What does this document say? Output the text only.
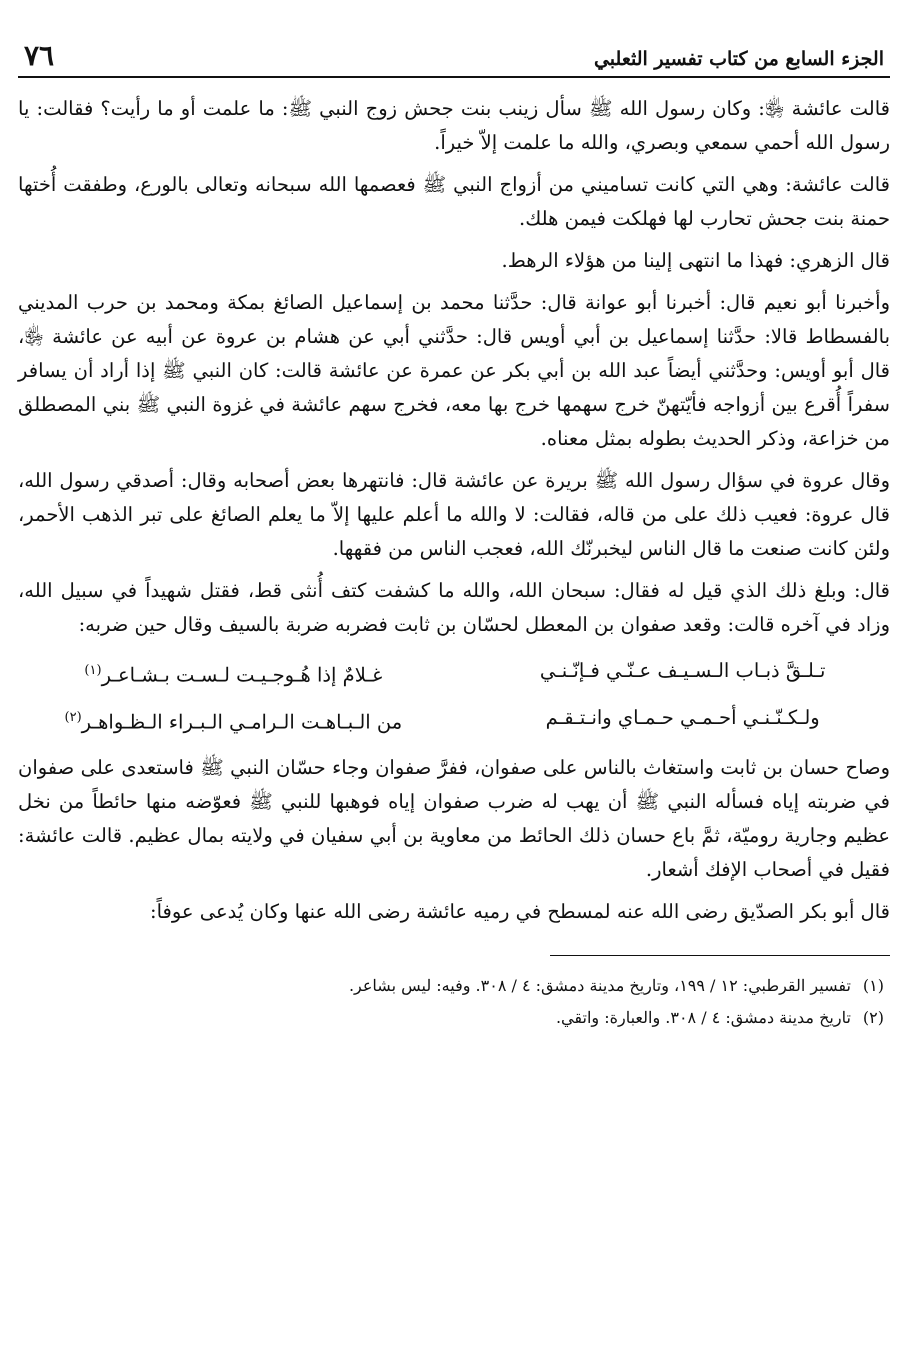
الجزء السابع من كتاب تفسير الثعلبي
٧٦

قالت عائشة ﵂: وكان رسول الله ﷺ سأل زينب بنت جحش زوج النبي ﷺ: ما علمت أو ما رأيت؟ فقالت: يا رسول الله أحمي سمعي وبصري، والله ما علمت إلاّ خيراً.

قالت عائشة: وهي التي كانت تساميني من أزواج النبي ﷺ فعصمها الله سبحانه وتعالى بالورع، وطفقت أُختها حمنة بنت جحش تحارب لها فهلكت فيمن هلك.

قال الزهري: فهذا ما انتهى إلينا من هؤلاء الرهط.

وأخبرنا أبو نعيم قال: أخبرنا أبو عوانة قال: حدَّثنا محمد بن إسماعيل الصائغ بمكة ومحمد بن حرب المديني بالفسطاط قالا: حدَّثنا إسماعيل بن أبي أويس قال: حدَّثني أبي عن هشام بن عروة عن أبيه عن عائشة ﵂، قال أبو أويس: وحدَّثني أيضاً عبد الله بن أبي بكر عن عمرة عن عائشة قالت: كان النبي ﷺ إذا أراد أن يسافر سفراً أُقرع بين أزواجه فأيّتهنّ خرج سهمها خرج بها معه، فخرج سهم عائشة في غزوة النبي ﷺ بني المصطلق من خزاعة، وذكر الحديث بطوله بمثل معناه.

وقال عروة في سؤال رسول الله ﷺ بريرة عن عائشة قال: فانتهرها بعض أصحابه وقال: أصدقي رسول الله، قال عروة: فعيب ذلك على من قاله، فقالت: لا والله ما أعلم عليها إلاّ ما يعلم الصائغ على تبر الذهب الأحمر، ولئن كانت صنعت ما قال الناس ليخبرنّك الله، فعجب الناس من فقهها.

قال: وبلغ ذلك الذي قيل له فقال: سبحان الله، والله ما كشفت كتف أُنثى قط، فقتل شهيداً في سبيل الله، وزاد في آخره قالت: وقعد صفوان بن المعطل لحسّان بن ثابت فضربه ضربة بالسيف وقال حين ضربه:

تـلـقَّ ذبـاب الـسـيـف عـنّـي فـإنّـنـي
غـلامٌ إذا هُـوجـيـت لـسـت بـشـاعـر$^{(١)}$
ولـكـنّـنـي أحـمـي حـمـاي وانـتـقـم
من الـبـاهـت الـرامـي الـبـراء الـظـواهـر$^{(٢)}$

وصاح حسان بن ثابت واستغاث بالناس على صفوان، ففرَّ صفوان وجاء حسّان النبي ﷺ فاستعدى على صفوان في ضربته إياه فسأله النبي ﷺ أن يهب له ضرب صفوان إياه فوهبها للنبي ﷺ فعوّضه منها حائطاً من نخل عظيم وجارية روميّة، ثمَّ باع حسان ذلك الحائط من معاوية بن أبي سفيان في ولايته بمال عظيم. قالت عائشة: فقيل في أصحاب الإفك أشعار.

قال أبو بكر الصدّيق رضى الله عنه لمسطح في رميه عائشة رضى الله عنها وكان يُدعى عوفاً:

(١)
تفسير القرطبي: ١٢ / ١٩٩، وتاريخ مدينة دمشق: ٤ / ٣٠٨. وفيه: ليس بشاعر.
(٢)
تاريخ مدينة دمشق: ٤ / ٣٠٨. والعبارة: واتقي.
